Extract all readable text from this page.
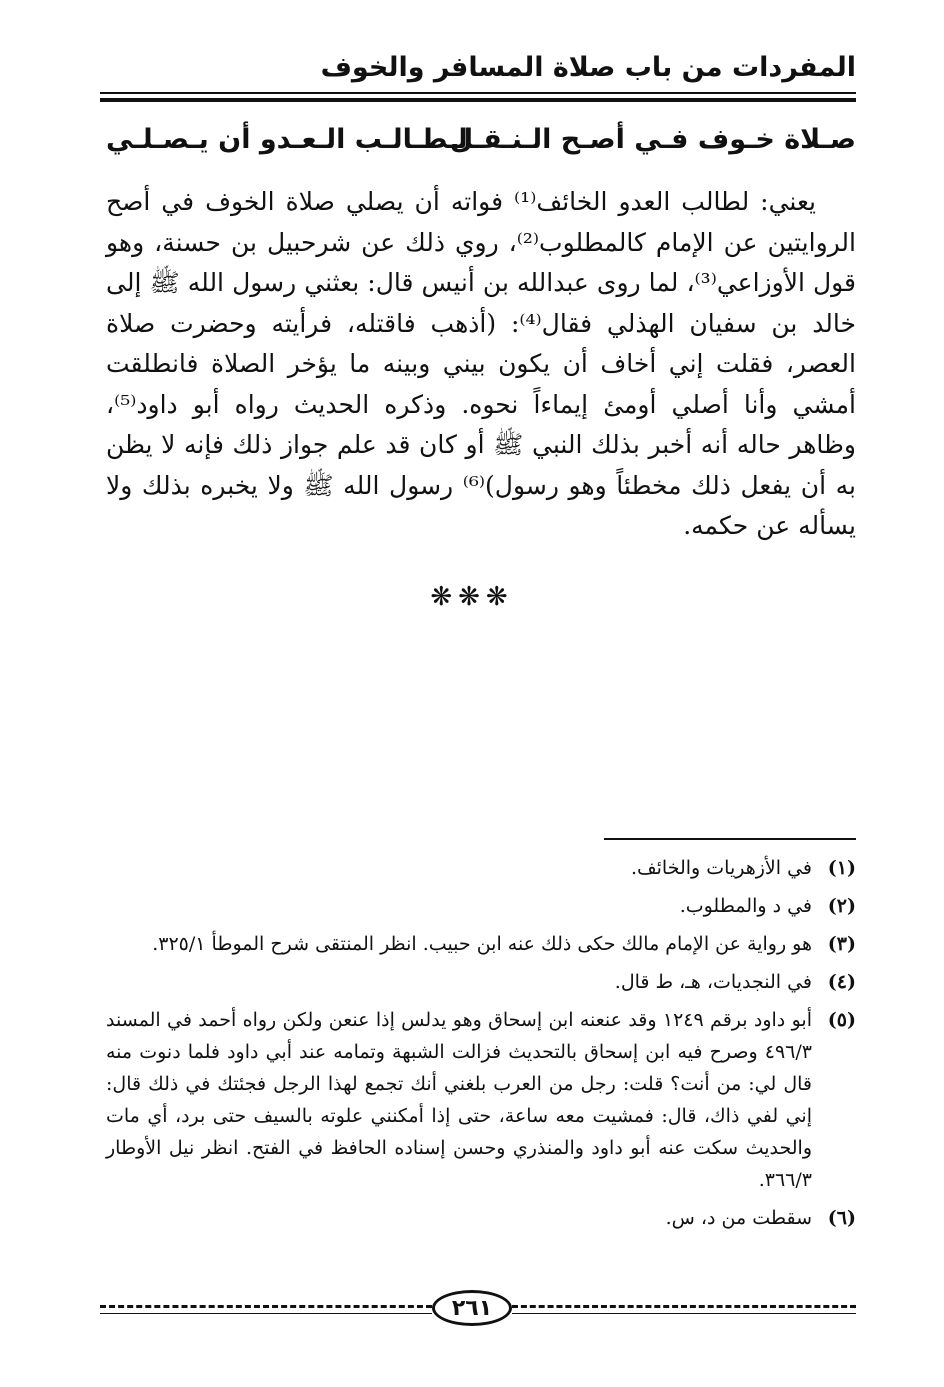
المفردات من باب صلاة المسافر والخوف
صـلاة خـوف فـي أصـح الـنـقـل
لـطـالـب الـعـدو أن يـصـلـي

يعني: لطالب العدو الخائف⁽¹⁾ فواته أن يصلي صلاة الخوف في أصح الروايتين عن الإمام كالمطلوب⁽²⁾، روي ذلك عن شرحبيل بن حسنة، وهو قول الأوزاعي⁽³⁾، لما روى عبدالله بن أنيس قال: بعثني رسول الله ﷺ إلى خالد بن سفيان الهذلي فقال⁽⁴⁾: (أذهب فاقتله، فرأيته وحضرت صلاة العصر، فقلت إني أخاف أن يكون بيني وبينه ما يؤخر الصلاة فانطلقت أمشي وأنا أصلي أومئ إيماءاً نحوه. وذكره الحديث رواه أبو داود⁽⁵⁾، وظاهر حاله أنه أخبر بذلك النبي ﷺ أو كان قد علم جواز ذلك فإنه لا يظن به أن يفعل ذلك مخطئاً وهو رسول)⁽⁶⁾ رسول الله ﷺ ولا يخبره بذلك ولا يسأله عن حكمه.

❋❋❋
(١)
في الأزهريات والخائف.
(٢)
في د والمطلوب.
(٣)
هو رواية عن الإمام مالك حكى ذلك عنه ابن حبيب. انظر المنتقى شرح الموطأ ٣٢٥/١.
(٤)
في النجديات، هـ، ط قال.
(٥)
أبو داود برقم ١٢٤٩ وقد عنعنه ابن إسحاق وهو يدلس إذا عنعن ولكن رواه أحمد في المسند ٤٩٦/٣ وصرح فيه ابن إسحاق بالتحديث فزالت الشبهة وتمامه عند أبي داود فلما دنوت منه قال لي: من أنت؟ قلت: رجل من العرب بلغني أنك تجمع لهذا الرجل فجئتك في ذلك قال: إني لفي ذاك، قال: فمشيت معه ساعة، حتى إذا أمكنني علوته بالسيف حتى برد، أي مات والحديث سكت عنه أبو داود والمنذري وحسن إسناده الحافظ في الفتح. انظر نيل الأوطار ٣٦٦/٣.
(٦)
سقطت من د، س.
٢٦١
